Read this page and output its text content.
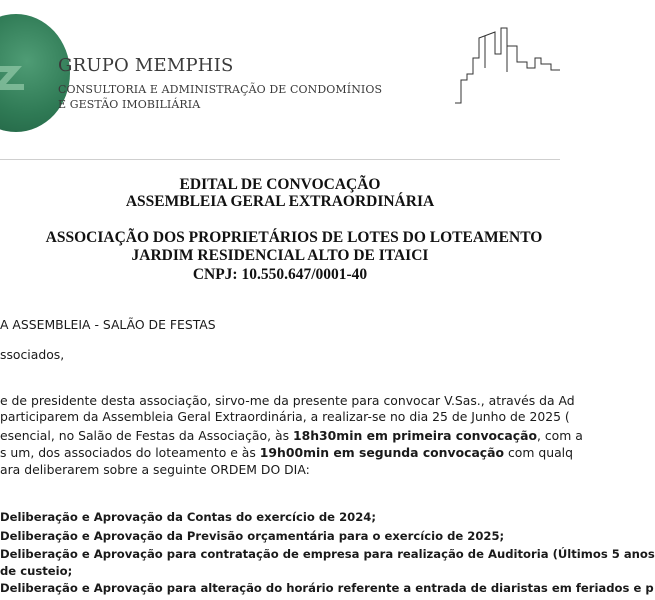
GRUPO MEMPHIS
CONSULTORIA E ADMINISTRAÇÃO DE CONDOMÍNIOS
E GESTÃO IMOBILIÁRIA
EDITAL DE CONVOCAÇÃO
ASSEMBLEIA GERAL EXTRAORDINÁRIA
ASSOCIAÇÃO DOS PROPRIETÁRIOS DE LOTES DO LOTEAMENTO
JARDIM RESIDENCIAL ALTO DE ITAICI
CNPJ: 10.550.647/0001-40
A ASSEMBLEIA - SALÃO DE FESTAS
ssociados,
e de presidente desta associação, sirvo-me da presente para convocar V.Sas., através da Ad
participarem da Assembleia Geral Extraordinária, a realizar-se no dia 25 de Junho de 2025 (
esencial, no Salão de Festas da Associação, às 18h30min em primeira convocação, com a
s um, dos associados do loteamento e às 19h00min em segunda convocação com qualq
ara deliberarem sobre a seguinte ORDEM DO DIA:
Deliberação e Aprovação da Contas do exercício de 2024;
Deliberação e Aprovação da Previsão orçamentária para o exercício de 2025;
Deliberação e Aprovação para contratação de empresa para realização de Auditoria (Últimos 5 anos
de custeio;
Deliberação e Aprovação para alteração do horário referente a entrada de diaristas em feriados e p
